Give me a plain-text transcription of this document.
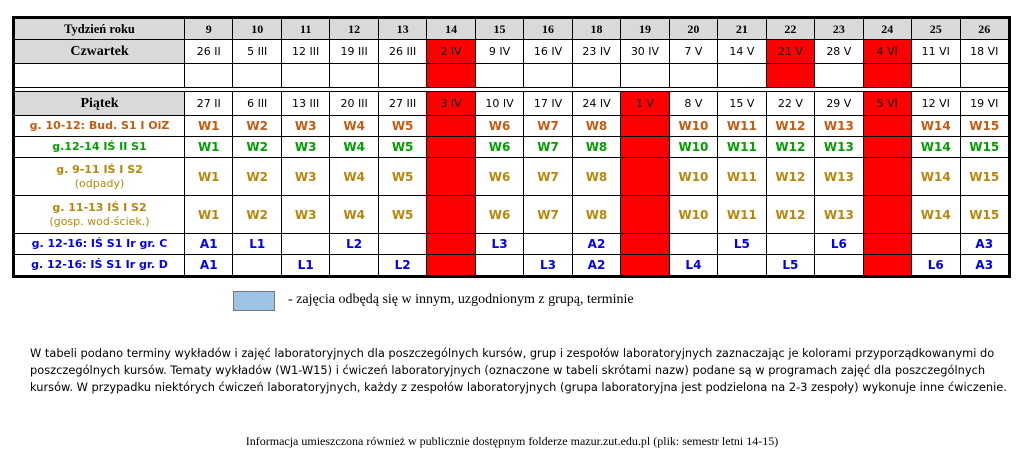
Tydzień roku	9	10	11	12	13	14	15	16	18	19	20	21	22	23	24	25	26
Czwartek	26 II	5 III	12 III	19 III	26 III	2 IV	9 IV	16 IV	23 IV	30 IV	7 V	14 V	21 V	28 V	4 VI	11 VI	18 VI

Piątek	27 II	6 III	13 III	20 III	27 III	3 IV	10 IV	17 IV	24 IV	1 V	8 V	15 V	22 V	29 V	5 VI	12 VI	19 VI

g. 10-12: Bud. S1 I OiZ	W1	W2	W3	W4	W5		W6	W7	W8		W10	W11	W12	W13		W14	W15

g.12-14 IŚ II S1	W1	W2	W3	W4	W5		W6	W7	W8		W10	W11	W12	W13		W14	W15

g. 9-11 IŚ I S2
(odpady)	W1	W2	W3	W4	W5		W6	W7	W8		W10	W11	W12	W13		W14	W15

g. 11-13 IŚ I S2
(gosp. wod-ściek.)	W1	W2	W3	W4	W5		W6	W7	W8		W10	W11	W12	W13		W14	W15

g. 12-16: IŚ S1 Ir gr. C	A1	L1		L2			L3		A2			L5		L6			A3

g. 12-16: IŚ S1 Ir gr. D	A1		L1		L2			L3	A2		L4		L5			L6	A3
- zajęcia odbędą się w innym, uzgodnionym z grupą, terminie
W tabeli podano terminy wykładów i zajęć laboratoryjnych dla poszczególnych kursów, grup i zespołów laboratoryjnych zaznaczając je kolorami przyporządkowanymi do poszczególnych kursów. Tematy wykładów (W1-W15) i ćwiczeń laboratoryjnych (oznaczone w tabeli skrótami nazw) podane są w programach zajęć dla poszczególnych kursów. W przypadku niektórych ćwiczeń laboratoryjnych, każdy z zespołów laboratoryjnych (grupa laboratoryjna jest podzielona na 2-3 zespoły) wykonuje inne ćwiczenie.
Informacja umieszczona również w publicznie dostępnym folderze mazur.zut.edu.pl (plik: semestr letni 14-15)
